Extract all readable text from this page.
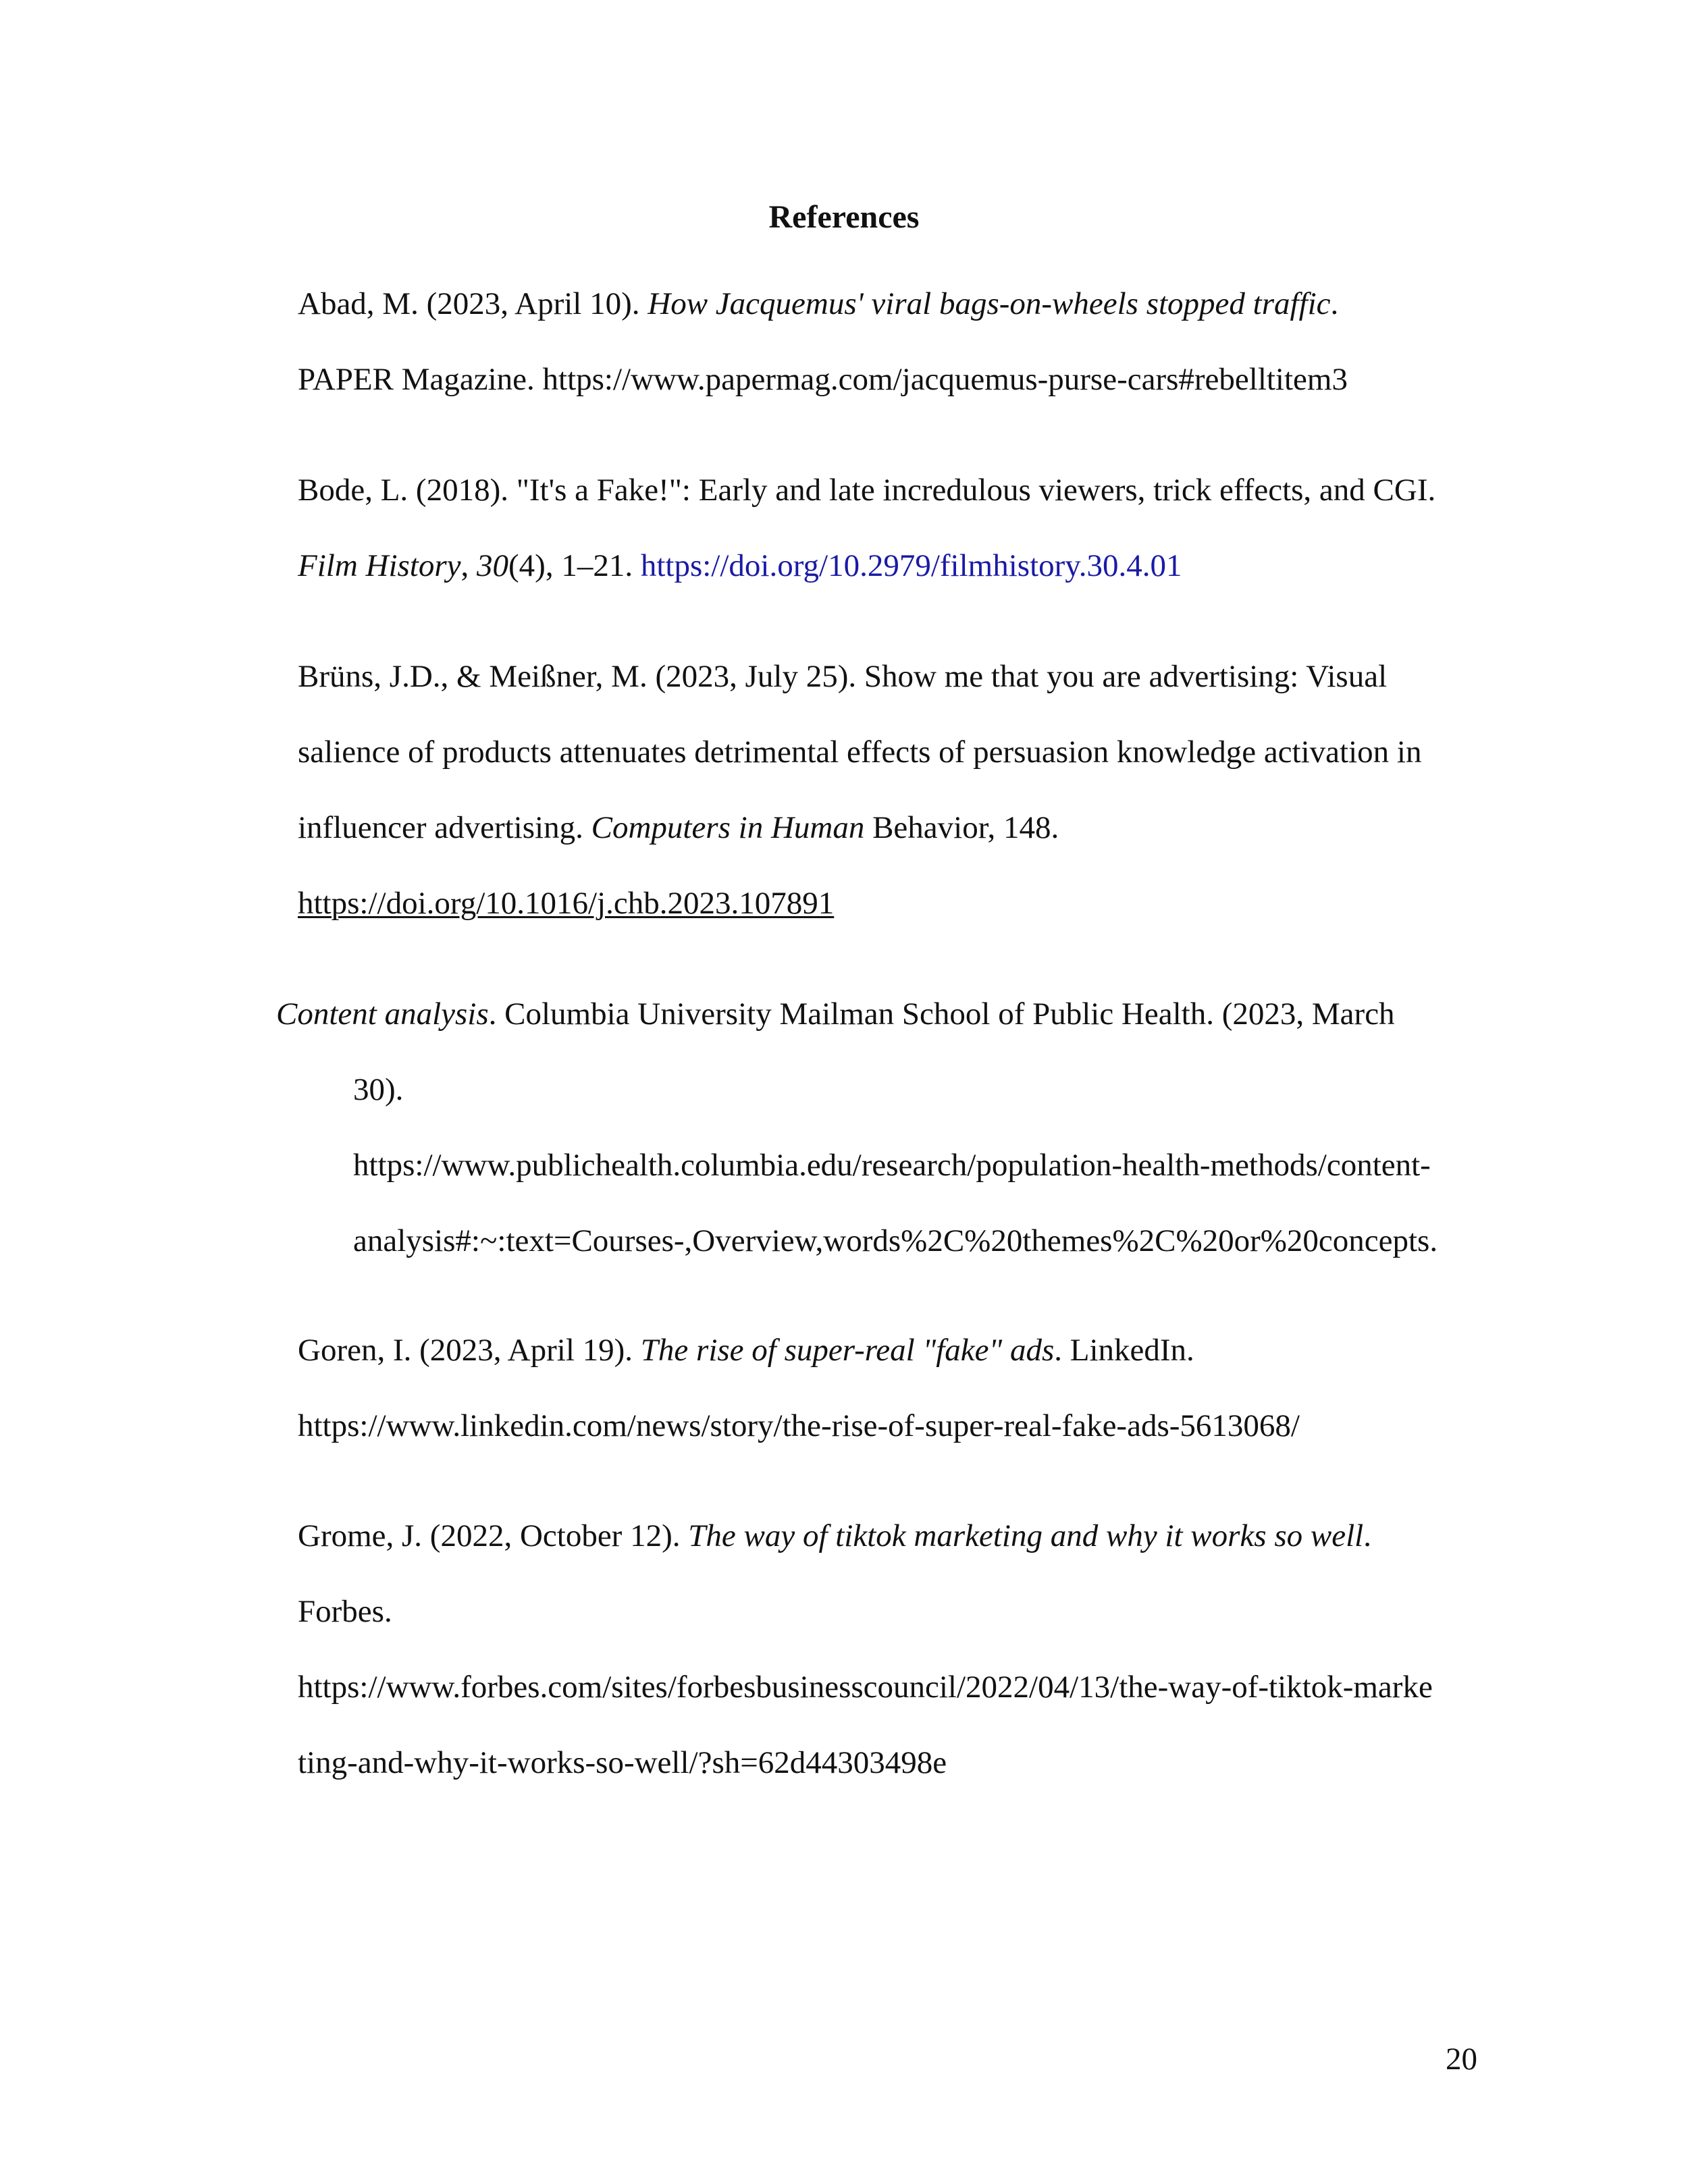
References
Abad, M. (2023, April 10). How Jacquemus' viral bags-on-wheels stopped traffic.
PAPER Magazine. https://www.papermag.com/jacquemus-purse-cars#rebelltitem3
Bode, L. (2018). "It's a Fake!": Early and late incredulous viewers, trick effects, and CGI.
Film History, 30(4), 1–21. https://doi.org/10.2979/filmhistory.30.4.01
Brüns, J.D., & Meißner, M. (2023, July 25). Show me that you are advertising: Visual
salience of products attenuates detrimental effects of persuasion knowledge activation in
influencer advertising. Computers in Human Behavior, 148.
https://doi.org/10.1016/j.chb.2023.107891
Content analysis. Columbia University Mailman School of Public Health. (2023, March
30).
https://www.publichealth.columbia.edu/research/population-health-methods/content-
analysis#:~:text=Courses-,Overview,words%2C%20themes%2C%20or%20concepts.
Goren, I. (2023, April 19). The rise of super-real "fake" ads. LinkedIn.
https://www.linkedin.com/news/story/the-rise-of-super-real-fake-ads-5613068/
Grome, J. (2022, October 12). The way of tiktok marketing and why it works so well.
Forbes.
https://www.forbes.com/sites/forbesbusinesscouncil/2022/04/13/the-way-of-tiktok-marke
ting-and-why-it-works-so-well/?sh=62d44303498e
20
